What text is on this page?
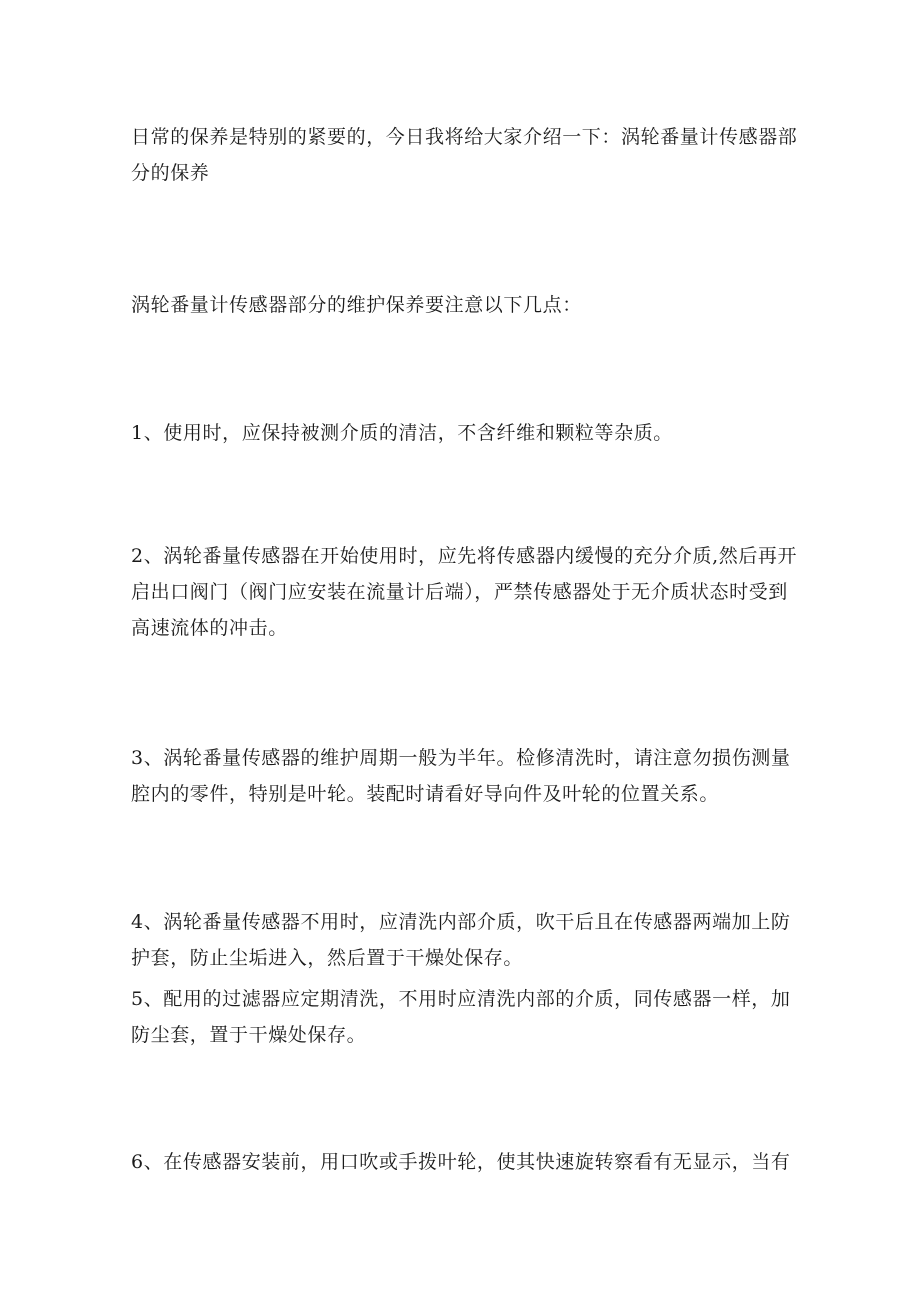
日常的保养是特别的紧要的，今日我将给大家介绍一下：涡轮番量计传感器部分的保养

涡轮番量计传感器部分的维护保养要注意以下几点：

1、使用时，应保持被测介质的清洁，不含纤维和颗粒等杂质。

2、涡轮番量传感器在开始使用时，应先将传感器内缓慢的充分介质,然后再开启出口阀门（阀门应安装在流量计后端），严禁传感器处于无介质状态时受到高速流体的冲击。

3、涡轮番量传感器的维护周期一般为半年。检修清洗时，请注意勿损伤测量腔内的零件，特别是叶轮。装配时请看好导向件及叶轮的位置关系。

4、涡轮番量传感器不用时，应清洗内部介质，吹干后且在传感器两端加上防护套，防止尘垢进入，然后置于干燥处保存。

5、配用的过滤器应定期清洗，不用时应清洗内部的介质，同传感器一样，加防尘套，置于干燥处保存。

6、在传感器安装前，用口吹或手拨叶轮，使其快速旋转察看有无显示，当有
